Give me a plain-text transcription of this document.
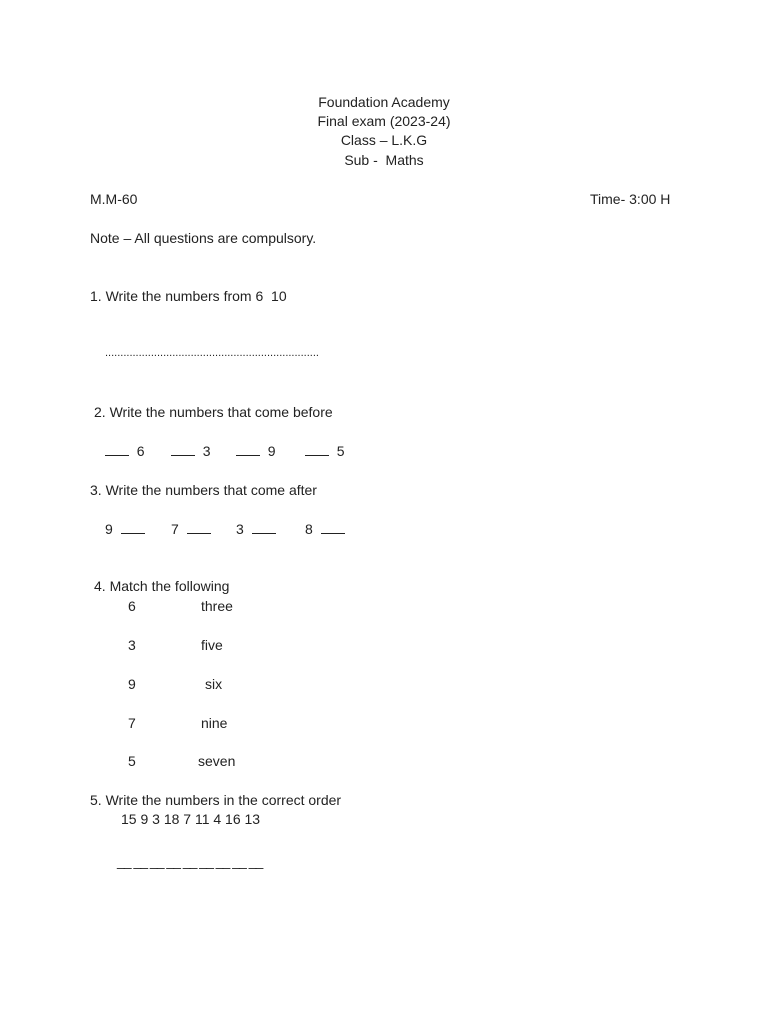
Foundation Academy
Final exam (2023-24)
Class – L.K.G
Sub -  Maths
M.M-60	Time- 3:00 H
Note – All questions are compulsory.
1. Write the numbers from 6  10
......................................................................
2. Write the numbers that come before
6	3	9	5
3. Write the numbers that come after
9	7	3	8
4. Match the following
6	three
3	five
9	six
7	nine
5	seven
5. Write the numbers in the correct order
15 9 3 18 7 11 4 16 13
__ __ __ __ __ __ __ __ __
